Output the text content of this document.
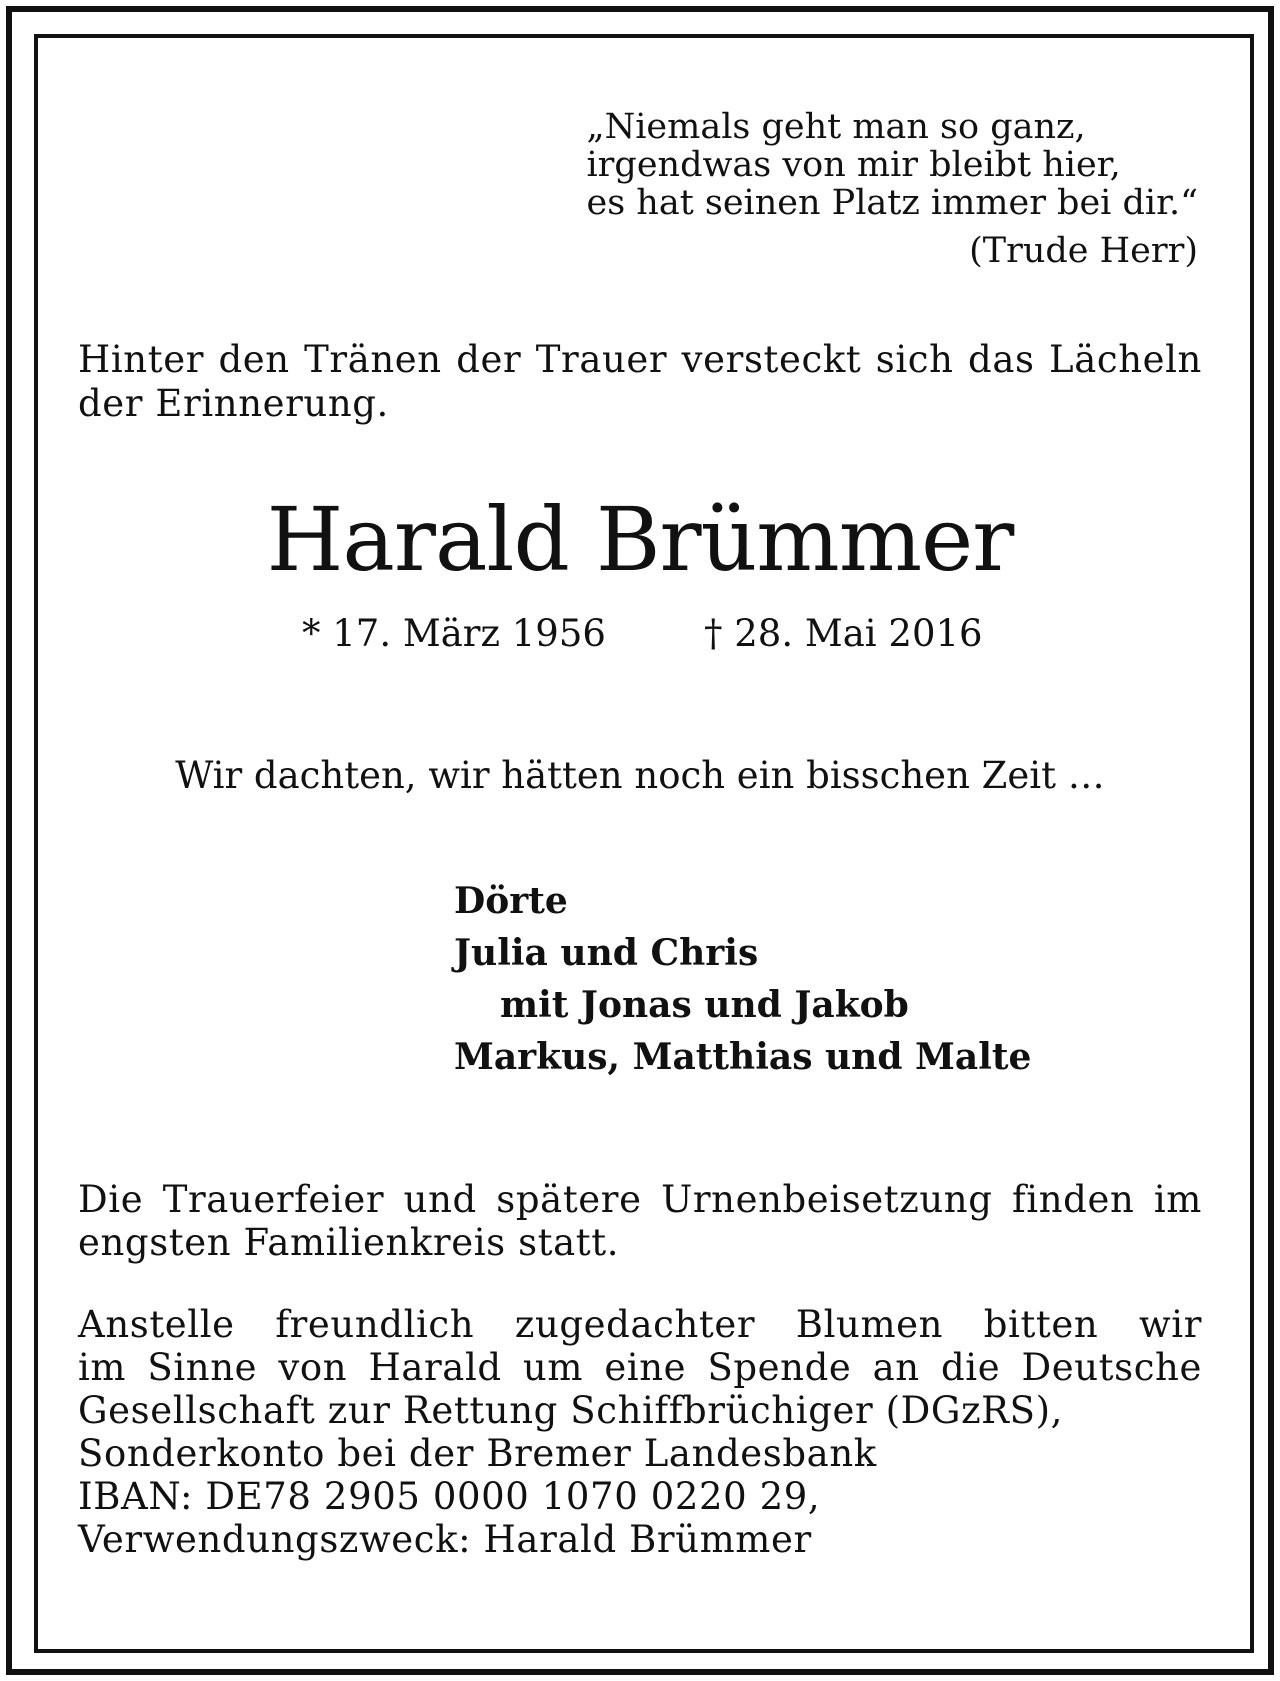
„Niemals geht man so ganz,
irgendwas von mir bleibt hier,
es hat seinen Platz immer bei dir.“
(Trude Herr)
Hinter den Tränen der Trauer versteckt sich das Lächeln
der Erinnerung.
Harald Brümmer
* 17. März 1956	† 28. Mai 2016
Wir dachten, wir hätten noch ein bisschen Zeit …
Dörte
Julia und Chris
mit Jonas und Jakob
Markus, Matthias und Malte
Die Trauerfeier und spätere Urnenbeisetzung finden im
engsten Familienkreis statt.
Anstelle freundlich zugedachter Blumen bitten wir
im Sinne von Harald um eine Spende an die Deutsche
Gesellschaft zur Rettung Schiffbrüchiger (DGzRS),
Sonderkonto bei der Bremer Landesbank
IBAN: DE78 2905 0000 1070 0220 29,
Verwendungszweck: Harald Brümmer
